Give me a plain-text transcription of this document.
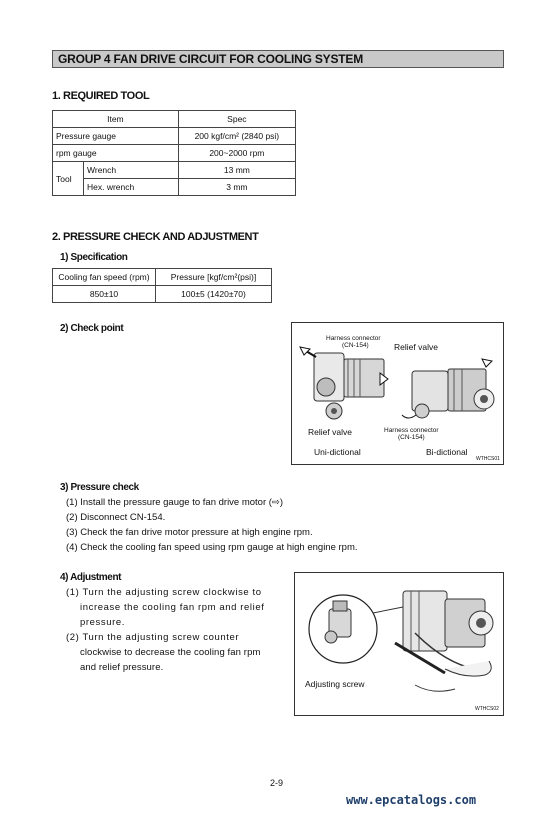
GROUP 4 FAN DRIVE CIRCUIT FOR COOLING SYSTEM
1. REQUIRED TOOL
Item		Spec
Pressure gauge		200 kgf/cm² (2840 psi)
rpm gauge		200~2000 rpm
Tool	Wrench	13 mm
	Hex. wrench	3 mm
2. PRESSURE CHECK AND ADJUSTMENT
1) Specification
Cooling fan speed (rpm)	Pressure [kgf/cm²(psi)]
850±10	100±5 (1420±70)
2) Check point
Harness connector
(CN-154)	Relief valve
Relief valve	Harness connector
(CN-154)
Uni-dictional	Bi-dictional
WTHCS01
3) Pressure check
(1) Install the pressure gauge to fan drive motor (⇨)
(2) Disconnect CN-154.
(3) Check the fan drive motor pressure at high engine rpm.
(4) Check the cooling fan speed using rpm gauge at high engine rpm.
4) Adjustment
(1) Turn the adjusting screw clockwise to
increase the cooling fan rpm and relief
pressure.
(2) Turn the adjusting screw counter
clockwise to decrease the cooling fan rpm
and relief pressure.
Adjusting screw
WTHCS02
2-9
www.epcatalogs.com
